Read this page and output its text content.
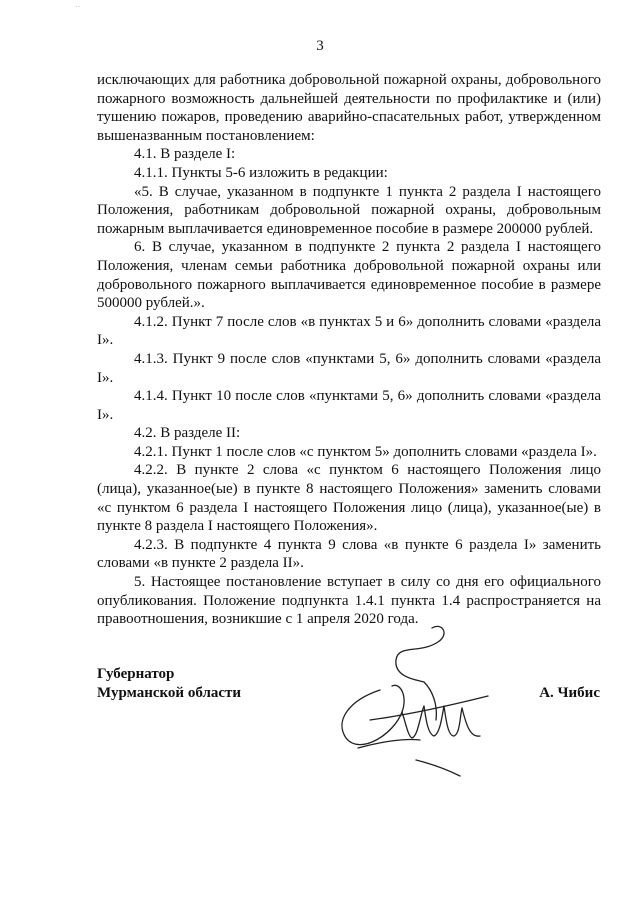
‥
3

исключающих для работника добровольной пожарной охраны, добровольного пожарного возможность дальнейшей деятельности по профилактике и (или) тушению пожаров, проведению аварийно-спасательных работ, утвержденном вышеназванным постановлением:

4.1. В разделе I:

4.1.1. Пункты 5-6 изложить в редакции:

«5. В случае, указанном в подпункте 1 пункта 2 раздела I настоящего Положения, работникам добровольной пожарной охраны, добровольным пожарным выплачивается единовременное пособие в размере 200000 рублей.

6. В случае, указанном в подпункте 2 пункта 2 раздела I настоящего Положения, членам семьи работника добровольной пожарной охраны или добровольного пожарного выплачивается единовременное пособие в размере 500000 рублей.».

4.1.2. Пункт 7 после слов «в пунктах 5 и 6» дополнить словами «раздела I».

4.1.3. Пункт 9 после слов «пунктами 5, 6» дополнить словами «раздела I».

4.1.4. Пункт 10 после слов «пунктами 5, 6» дополнить словами «раздела I».

4.2. В разделе II:

4.2.1. Пункт 1 после слов «с пунктом 5» дополнить словами «раздела I».

4.2.2. В пункте 2 слова «с пунктом 6 настоящего Положения лицо (лица), указанное(ые) в пункте 8 настоящего Положения» заменить словами «с пунктом 6 раздела I настоящего Положения лицо (лица), указанное(ые) в пункте 8 раздела I настоящего Положения».

4.2.3. В подпункте 4 пункта 9 слова «в пункте 6 раздела I» заменить словами «в пункте 2 раздела II».

5. Настоящее постановление вступает в силу со дня его официального опубликования. Положение подпункта 1.4.1 пункта 1.4 распространяется на правоотношения, возникшие с 1 апреля 2020 года.

Губернатор
Мурманской области	А. Чибис
